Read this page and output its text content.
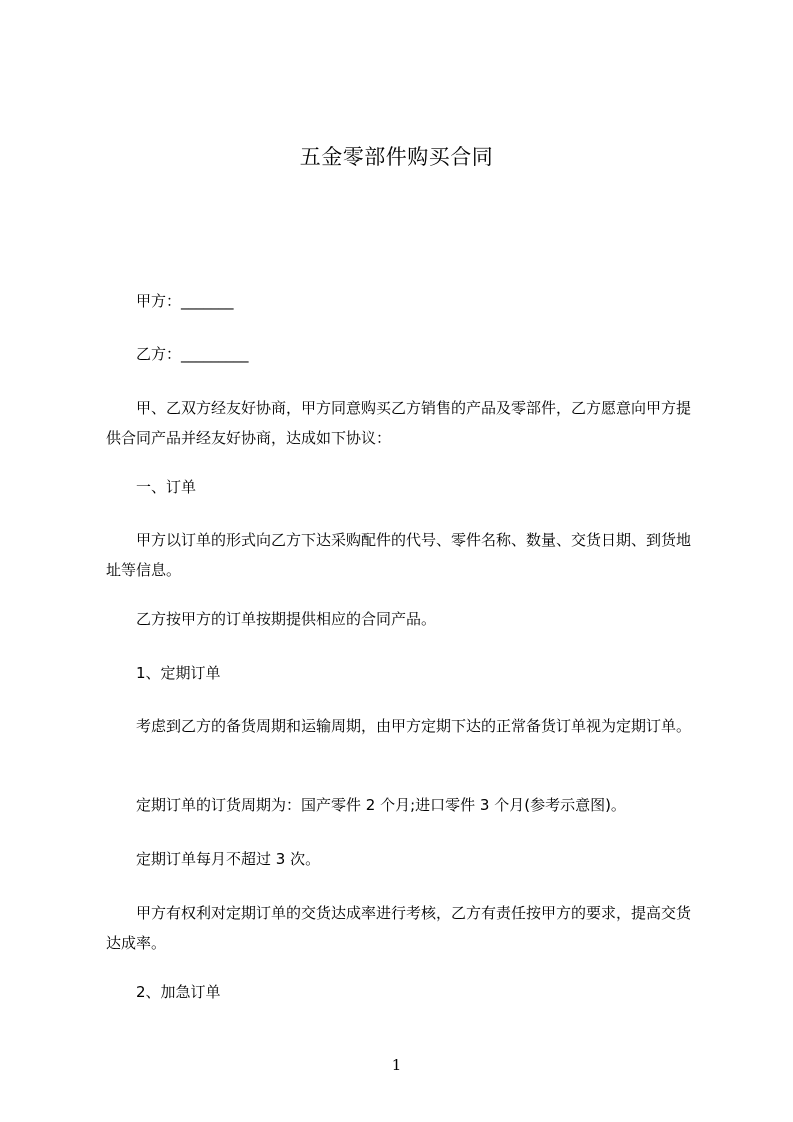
五金零部件购买合同
甲方：_______
乙方：_________
甲、乙双方经友好协商，甲方同意购买乙方销售的产品及零部件，乙方愿意向甲方提供合同产品并经友好协商，达成如下协议：
一、订单
甲方以订单的形式向乙方下达采购配件的代号、零件名称、数量、交货日期、到货地址等信息。
乙方按甲方的订单按期提供相应的合同产品。
1、定期订单
考虑到乙方的备货周期和运输周期，由甲方定期下达的正常备货订单视为定期订单。
定期订单的订货周期为：国产零件 2 个月;进口零件 3 个月(参考示意图)。
定期订单每月不超过 3 次。
甲方有权利对定期订单的交货达成率进行考核，乙方有责任按甲方的要求，提高交货达成率。
2、加急订单
1
